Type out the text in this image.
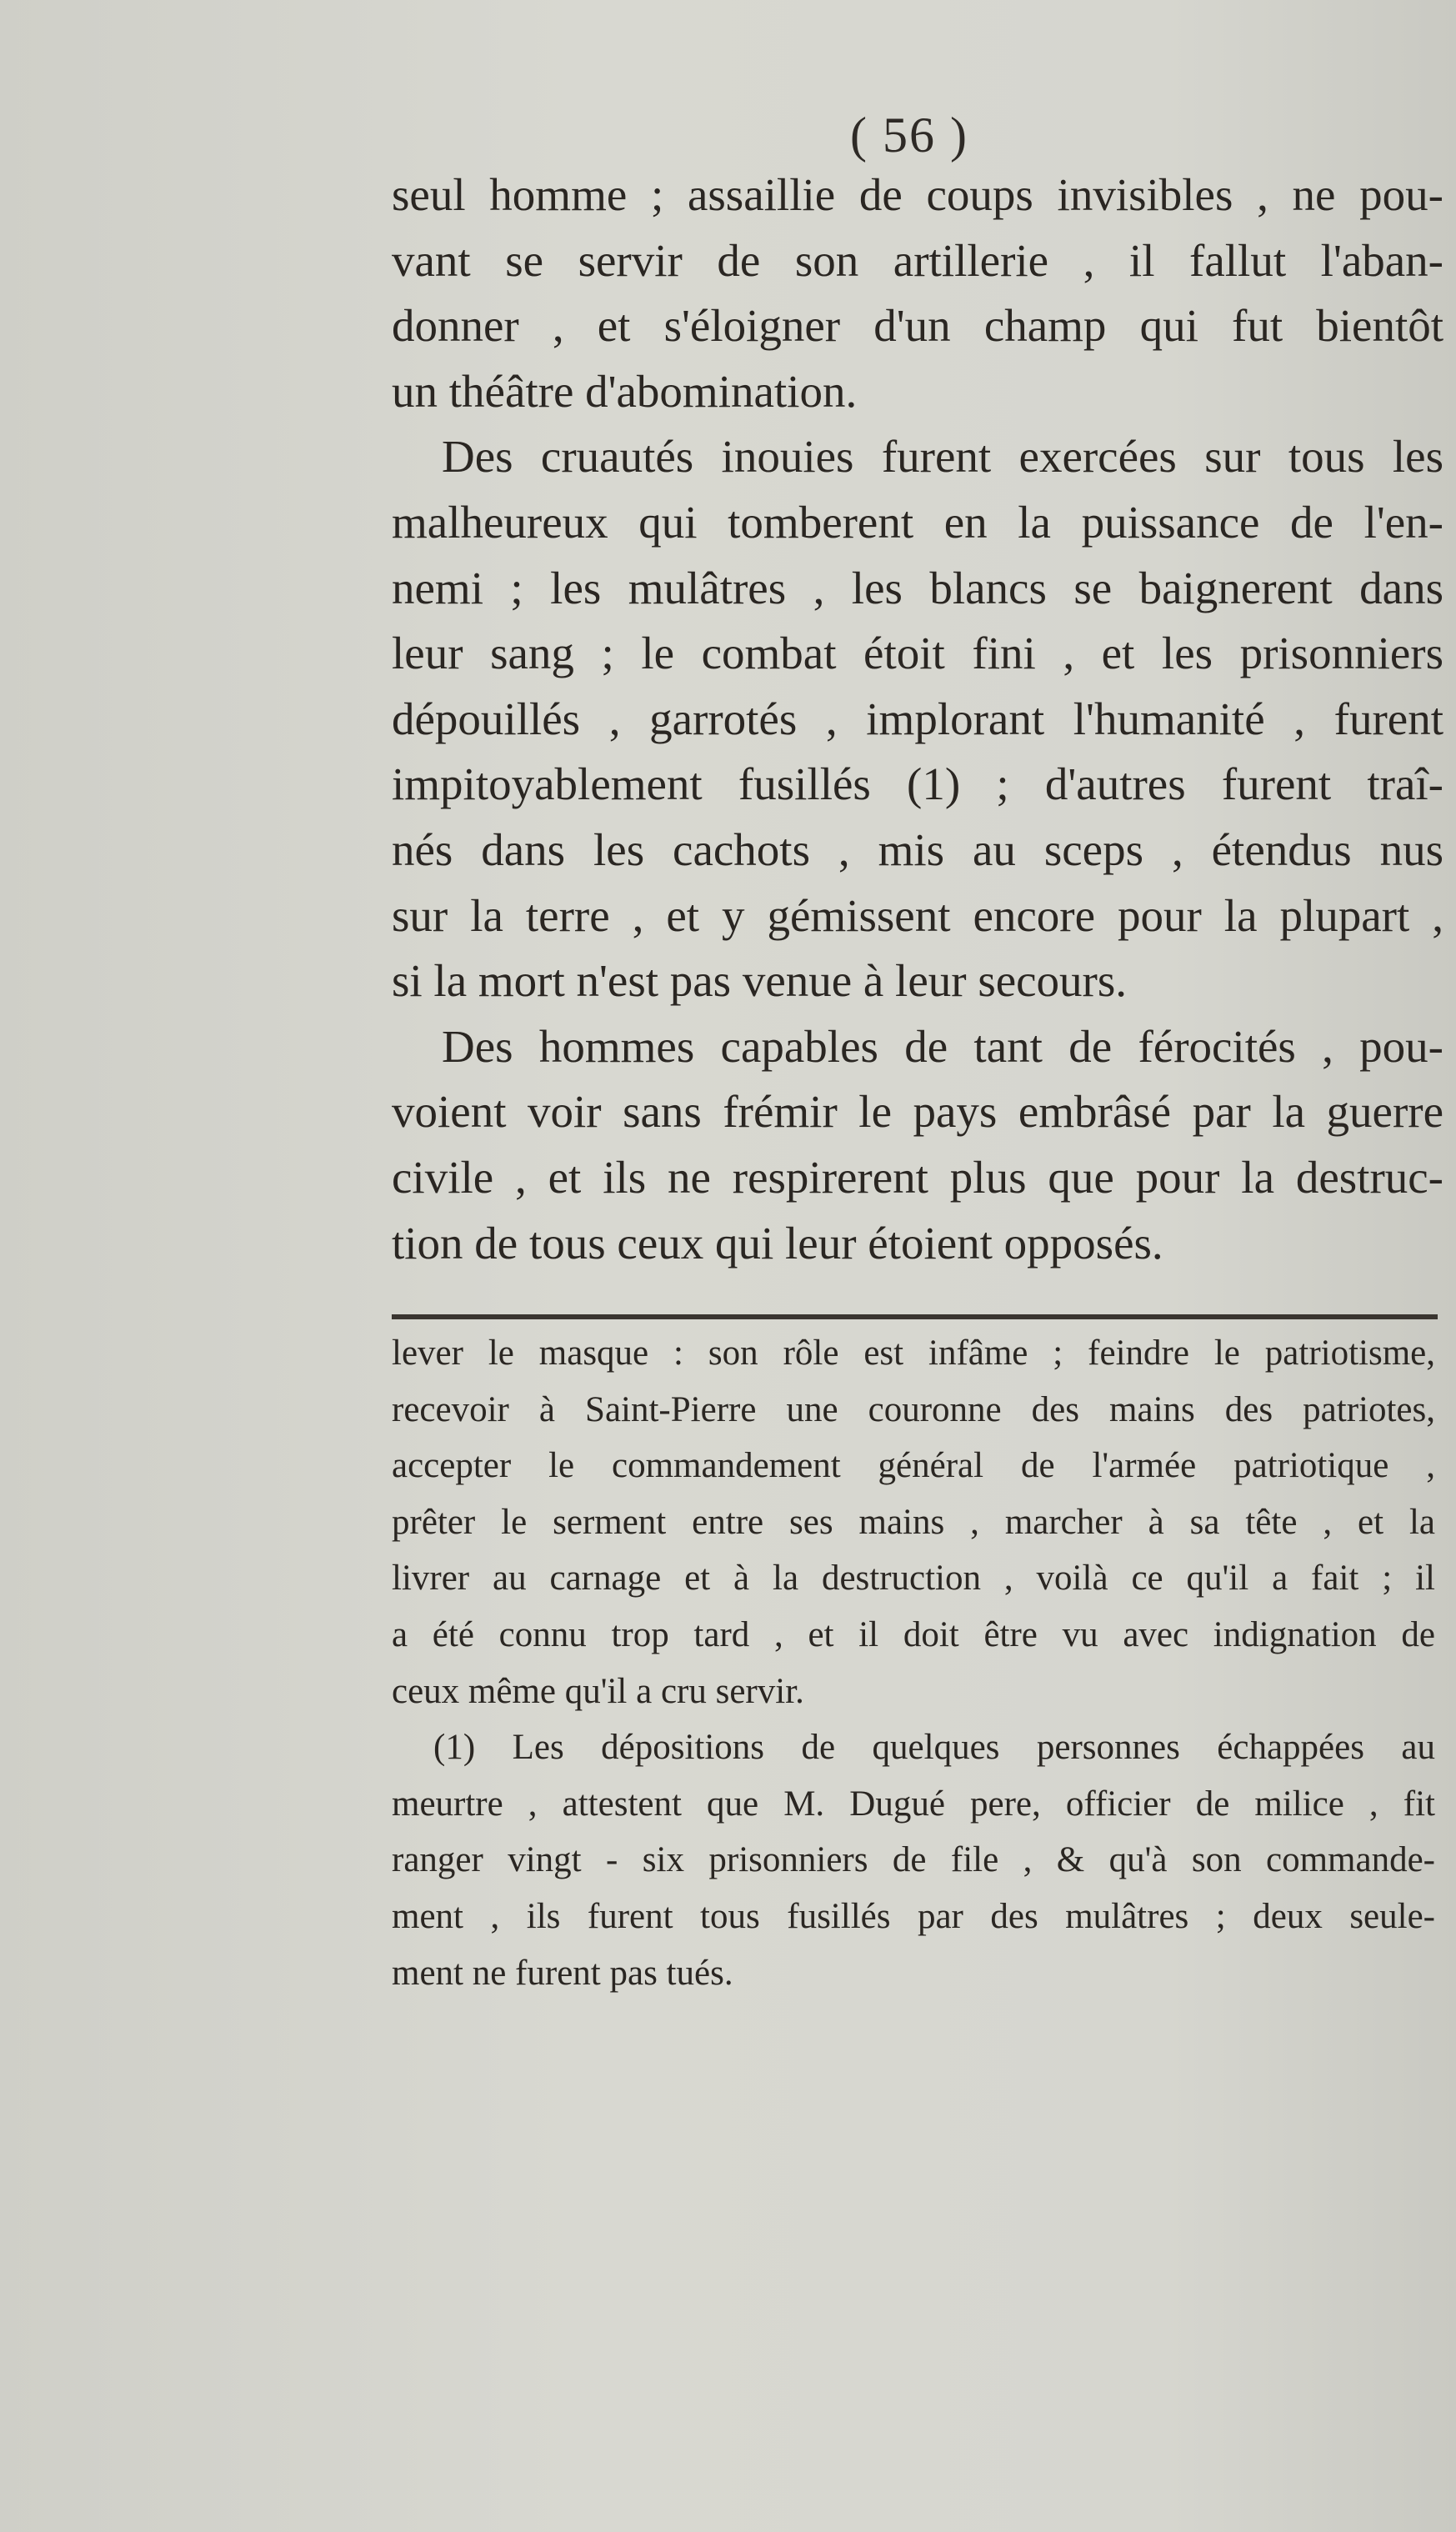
( 56 )
seul homme ; assaillie de coups invisibles , ne pou-
vant se servir de son artillerie , il fallut l'aban-
donner , et s'éloigner d'un champ qui fut bientôt
un théâtre d'abomination.
Des cruautés inouies furent exercées sur tous les
malheureux qui tomberent en la puissance de l'en-
nemi ; les mulâtres , les blancs se baignerent dans
leur sang ; le combat étoit fini , et les prisonniers
dépouillés , garrotés , implorant l'humanité , furent
impitoyablement fusillés (1) ; d'autres furent traî-
nés dans les cachots , mis au sceps , étendus nus
sur la terre , et y gémissent encore pour la plupart ,
si la mort n'est pas venue à leur secours.
Des hommes capables de tant de férocités , pou-
voient voir sans frémir le pays embrâsé par la guerre
civile , et ils ne respirerent plus que pour la destruc-
tion de tous ceux qui leur étoient opposés.
lever le masque : son rôle est infâme ; feindre le patriotisme,
recevoir à Saint-Pierre une couronne des mains des patriotes,
accepter le commandement général de l'armée patriotique ,
prêter le serment entre ses mains , marcher à sa tête , et la
livrer au carnage et à la destruction , voilà ce qu'il a fait ; il
a été connu trop tard , et il doit être vu avec indignation de
ceux même qu'il a cru servir.
(1) Les dépositions de quelques personnes échappées au
meurtre , attestent que M. Dugué pere, officier de milice , fit
ranger vingt - six prisonniers de file , & qu'à son commande-
ment , ils furent tous fusillés par des mulâtres ; deux seule-
ment ne furent pas tués.
